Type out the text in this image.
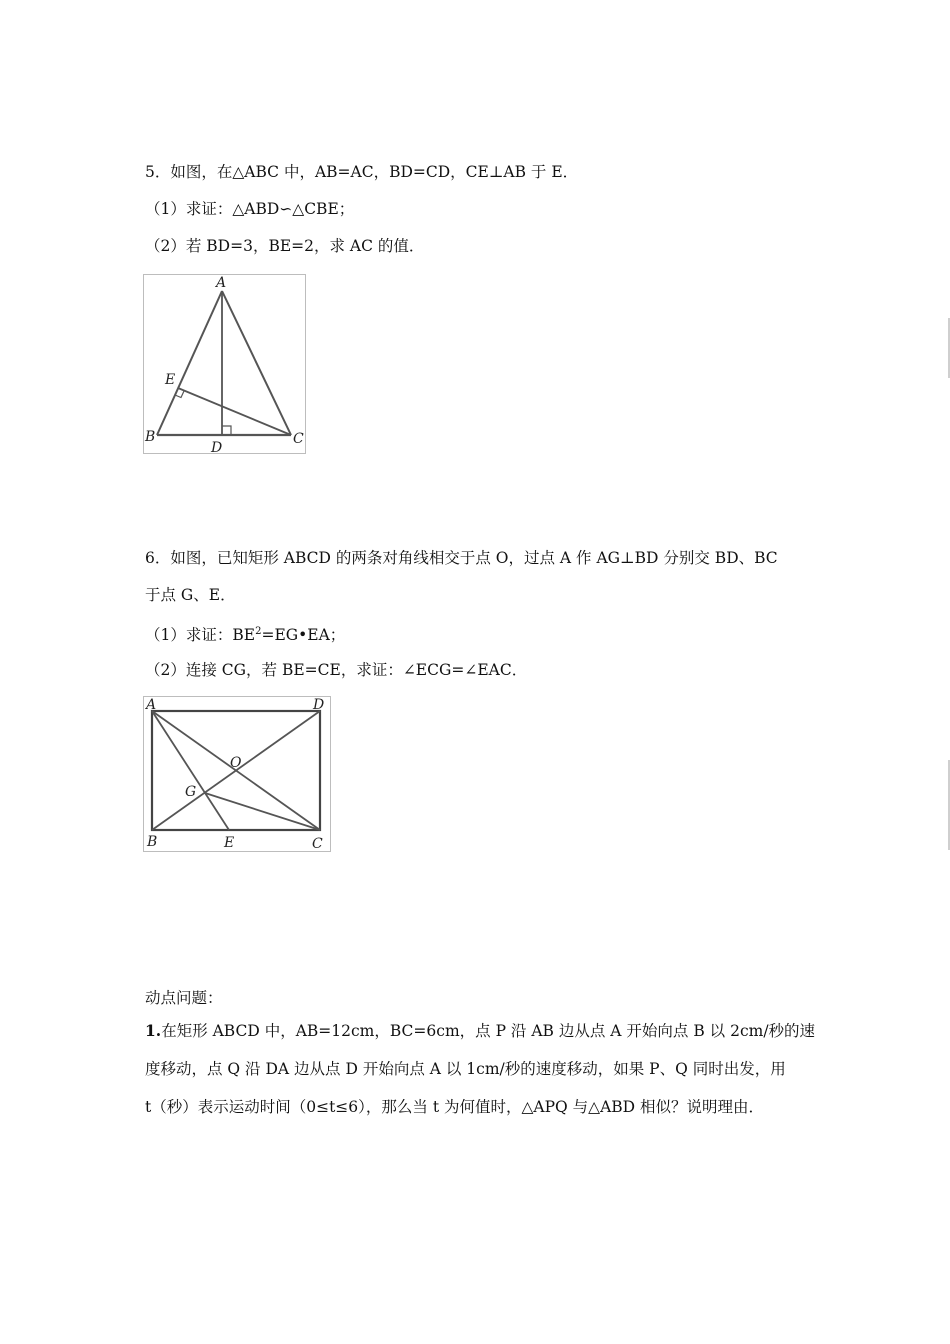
5．如图，在△ABC 中，AB=AC，BD=CD，CE⊥AB 于 E．
（1）求证：△ABD∽△CBE；
（2）若 BD=3，BE=2，求 AC 的值．
A
B	C
D
E
6．如图，已知矩形 ABCD 的两条对角线相交于点 O，过点 A 作 AG⊥BD 分别交 BD、BC
于点 G、E．
（1）求证：$BE^2=EG•EA$；
（2）连接 CG，若 BE=CE，求证：∠ECG=∠EAC．
A	D
B	C
E
G
O
动点问题：
1.在矩形 ABCD 中，AB=12cm，BC=6cm，点 P 沿 AB 边从点 A 开始向点 B 以 2cm/秒的速
度移动，点 Q 沿 DA 边从点 D 开始向点 A 以 1cm/秒的速度移动，如果 P、Q 同时出发，用
t（秒）表示运动时间（0≤t≤6），那么当 t 为何值时，△APQ 与△ABD 相似？说明理由．
